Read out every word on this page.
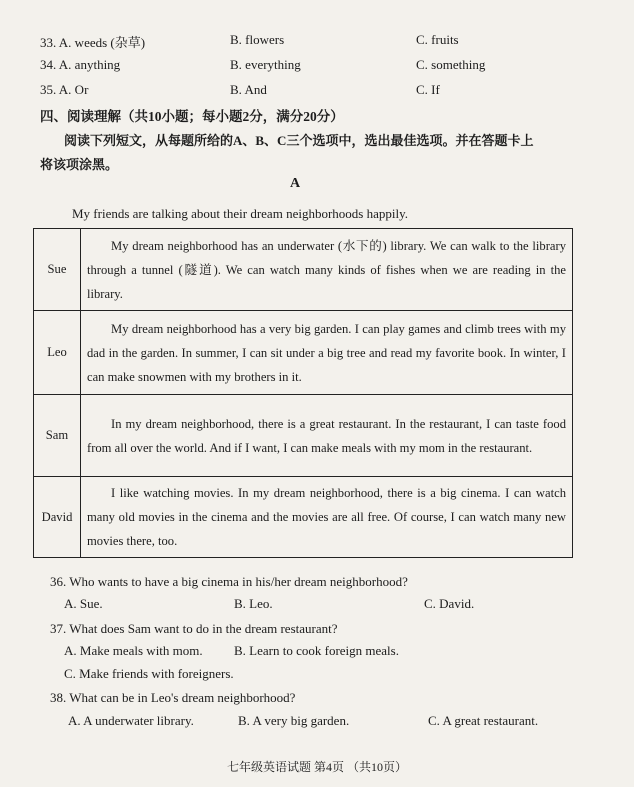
33. A. weeds (杂草)	B. flowers	C. fruits
34. A. anything	B. everything	C. something
35. A. Or	B. And	C. If
四、阅读理解（共10小题；每小题2分，满分20分）
阅读下列短文，从每题所给的A、B、C三个选项中，选出最佳选项。并在答题卡上
将该项涂黑。
A
My friends are talking about their dream neighborhoods happily.
Sue	My dream neighborhood has an underwater (水下的) library. We can walk to the library through a tunnel (隧道). We can watch many kinds of fishes when we are reading in the library.
Leo	My dream neighborhood has a very big garden. I can play games and climb trees with my dad in the garden. In summer, I can sit under a big tree and read my favorite book. In winter, I can make snowmen with my brothers in it.
Sam	In my dream neighborhood, there is a great restaurant. In the restaurant, I can taste food from all over the world. And if I want, I can make meals with my mom in the restaurant.
David	I like watching movies. In my dream neighborhood, there is a big cinema. I can watch many old movies in the cinema and the movies are all free. Of course, I can watch many new movies there, too.
36. Who wants to have a big cinema in his/her dream neighborhood?
A. Sue.	B. Leo.	C. David.
37. What does Sam want to do in the dream restaurant?
A. Make meals with mom. B. Learn to cook foreign meals.
C. Make friends with foreigners.
38. What can be in Leo's dream neighborhood?
A. A underwater library.	B. A very big garden.	C. A great restaurant.
七年级英语试题 第4页 （共10页）
